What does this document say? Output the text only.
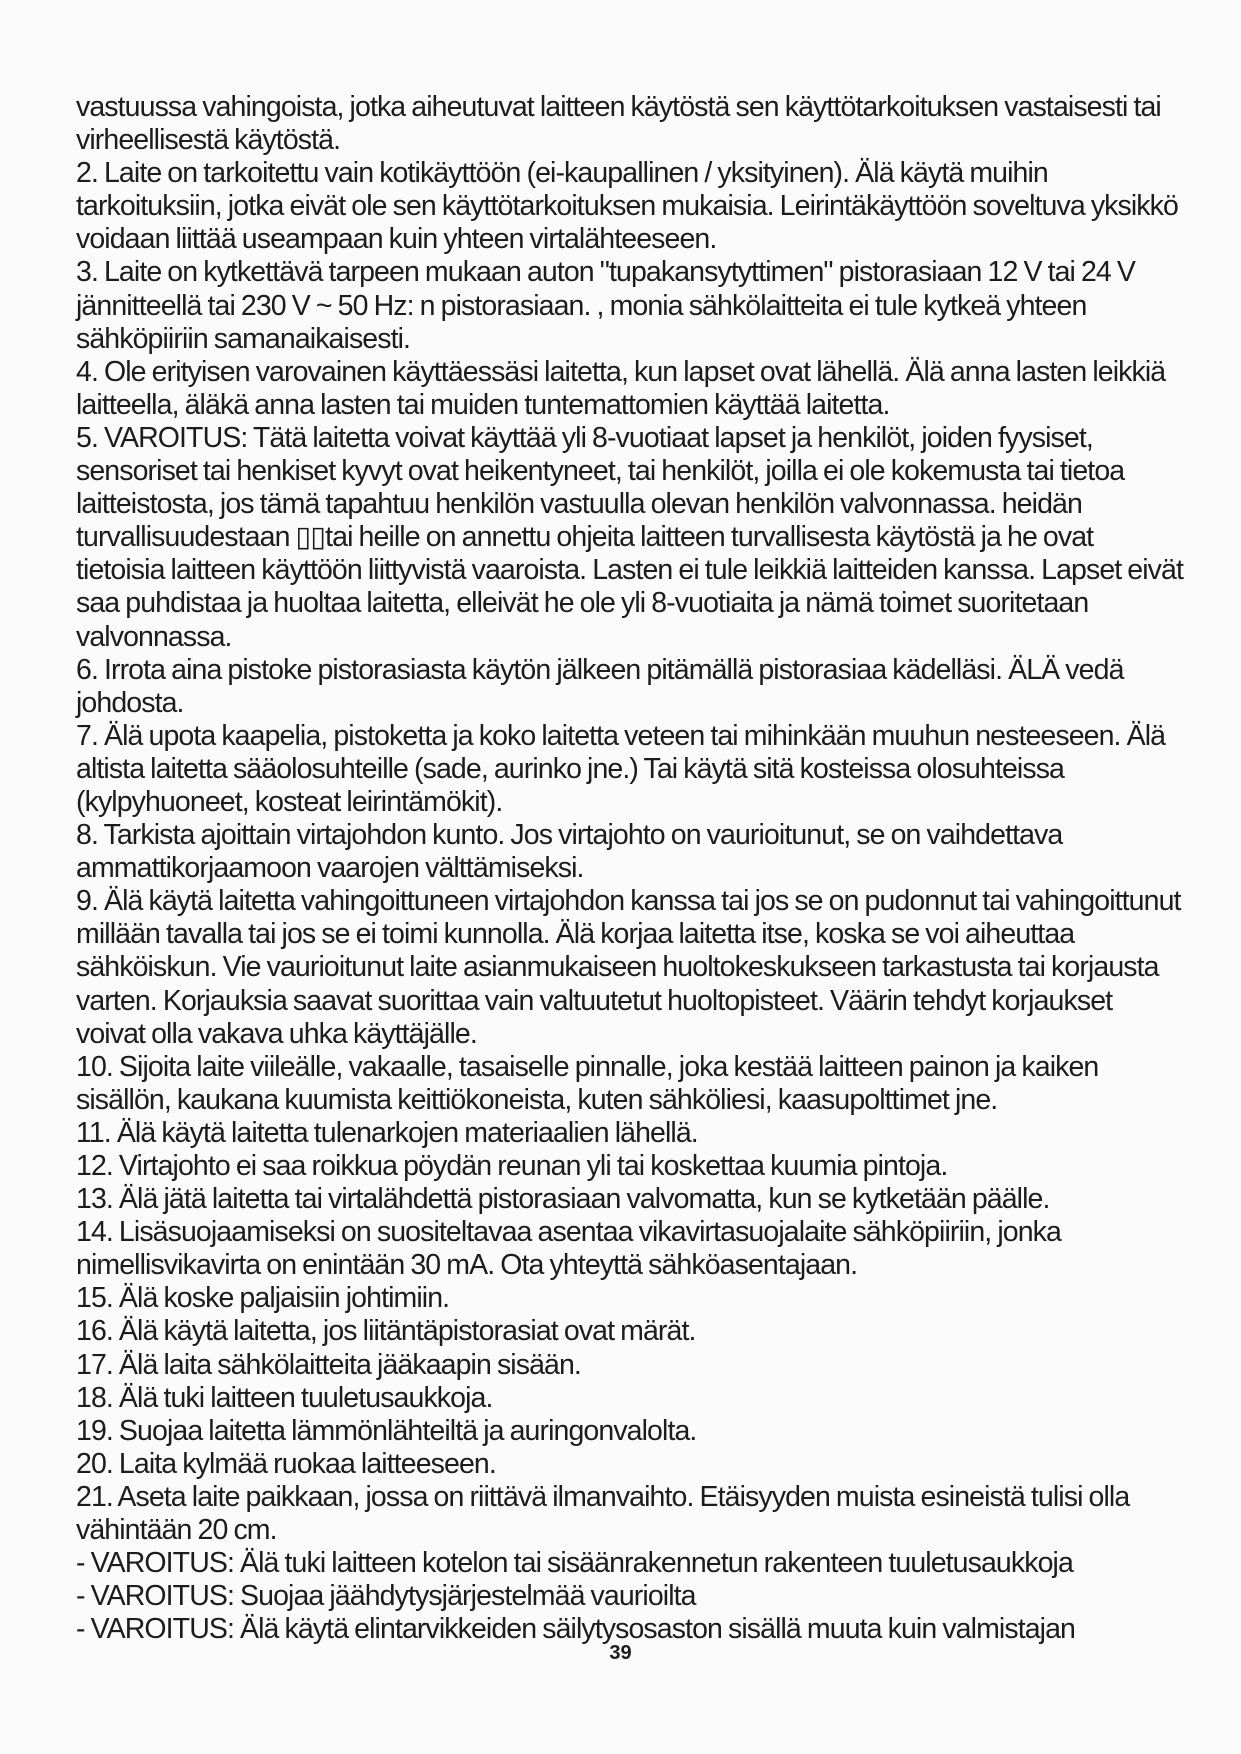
vastuussa vahingoista, jotka aiheutuvat laitteen käytöstä sen käyttötarkoituksen vastaisesti tai virheellisestä käytöstä.

2. Laite on tarkoitettu vain kotikäyttöön (ei-kaupallinen / yksityinen). Älä käytä muihin tarkoituksiin, jotka eivät ole sen käyttötarkoituksen mukaisia. Leirintäkäyttöön soveltuva yksikkö voidaan liittää useampaan kuin yhteen virtalähteeseen.

3. Laite on kytkettävä tarpeen mukaan auton "tupakansytyttimen" pistorasiaan 12 V tai 24 V jännitteellä tai 230 V ~ 50 Hz: n pistorasiaan. , monia sähkölaitteita ei tule kytkeä yhteen sähköpiiriin samanaikaisesti.

4. Ole erityisen varovainen käyttäessäsi laitetta, kun lapset ovat lähellä. Älä anna lasten leikkiä laitteella, äläkä anna lasten tai muiden tuntemattomien käyttää laitetta.

5. VAROITUS: Tätä laitetta voivat käyttää yli 8-vuotiaat lapset ja henkilöt, joiden fyysiset, sensoriset tai henkiset kyvyt ovat heikentyneet, tai henkilöt, joilla ei ole kokemusta tai tietoa laitteistosta, jos tämä tapahtuu henkilön vastuulla olevan henkilön valvonnassa. heidän turvallisuudestaan ▯▯tai heille on annettu ohjeita laitteen turvallisesta käytöstä ja he ovat tietoisia laitteen käyttöön liittyvistä vaaroista. Lasten ei tule leikkiä laitteiden kanssa. Lapset eivät saa puhdistaa ja huoltaa laitetta, elleivät he ole yli 8-vuotiaita ja nämä toimet suoritetaan valvonnassa.

6. Irrota aina pistoke pistorasiasta käytön jälkeen pitämällä pistorasiaa kädelläsi. ÄLÄ vedä johdosta.

7. Älä upota kaapelia, pistoketta ja koko laitetta veteen tai mihinkään muuhun nesteeseen. Älä altista laitetta sääolosuhteille (sade, aurinko jne.) Tai käytä sitä kosteissa olosuhteissa (kylpyhuoneet, kosteat leirintämökit).

8. Tarkista ajoittain virtajohdon kunto. Jos virtajohto on vaurioitunut, se on vaihdettava ammattikorjaamoon vaarojen välttämiseksi.

9. Älä käytä laitetta vahingoittuneen virtajohdon kanssa tai jos se on pudonnut tai vahingoittunut millään tavalla tai jos se ei toimi kunnolla. Älä korjaa laitetta itse, koska se voi aiheuttaa sähköiskun. Vie vaurioitunut laite asianmukaiseen huoltokeskukseen tarkastusta tai korjausta varten. Korjauksia saavat suorittaa vain valtuutetut huoltopisteet. Väärin tehdyt korjaukset voivat olla vakava uhka käyttäjälle.

10. Sijoita laite viileälle, vakaalle, tasaiselle pinnalle, joka kestää laitteen painon ja kaiken sisällön, kaukana kuumista keittiökoneista, kuten sähköliesi, kaasupolttimet jne.

11. Älä käytä laitetta tulenarkojen materiaalien lähellä.

12. Virtajohto ei saa roikkua pöydän reunan yli tai koskettaa kuumia pintoja.

13. Älä jätä laitetta tai virtalähdettä pistorasiaan valvomatta, kun se kytketään päälle.

14. Lisäsuojaamiseksi on suositeltavaa asentaa vikavirtasuojalaite sähköpiiriin, jonka nimellisvikavirta on enintään 30 mA. Ota yhteyttä sähköasentajaan.

15. Älä koske paljaisiin johtimiin.

16. Älä käytä laitetta, jos liitäntäpistorasiat ovat märät.

17. Älä laita sähkölaitteita jääkaapin sisään.

18. Älä tuki laitteen tuuletusaukkoja.

19. Suojaa laitetta lämmönlähteiltä ja auringonvalolta.

20. Laita kylmää ruokaa laitteeseen.

21. Aseta laite paikkaan, jossa on riittävä ilmanvaihto. Etäisyyden muista esineistä tulisi olla vähintään 20 cm.

- VAROITUS: Älä tuki laitteen kotelon tai sisäänrakennetun rakenteen tuuletusaukkoja

- VAROITUS: Suojaa jäähdytysjärjestelmää vaurioilta

- VAROITUS: Älä käytä elintarvikkeiden säilytysosaston sisällä muuta kuin valmistajan

39
